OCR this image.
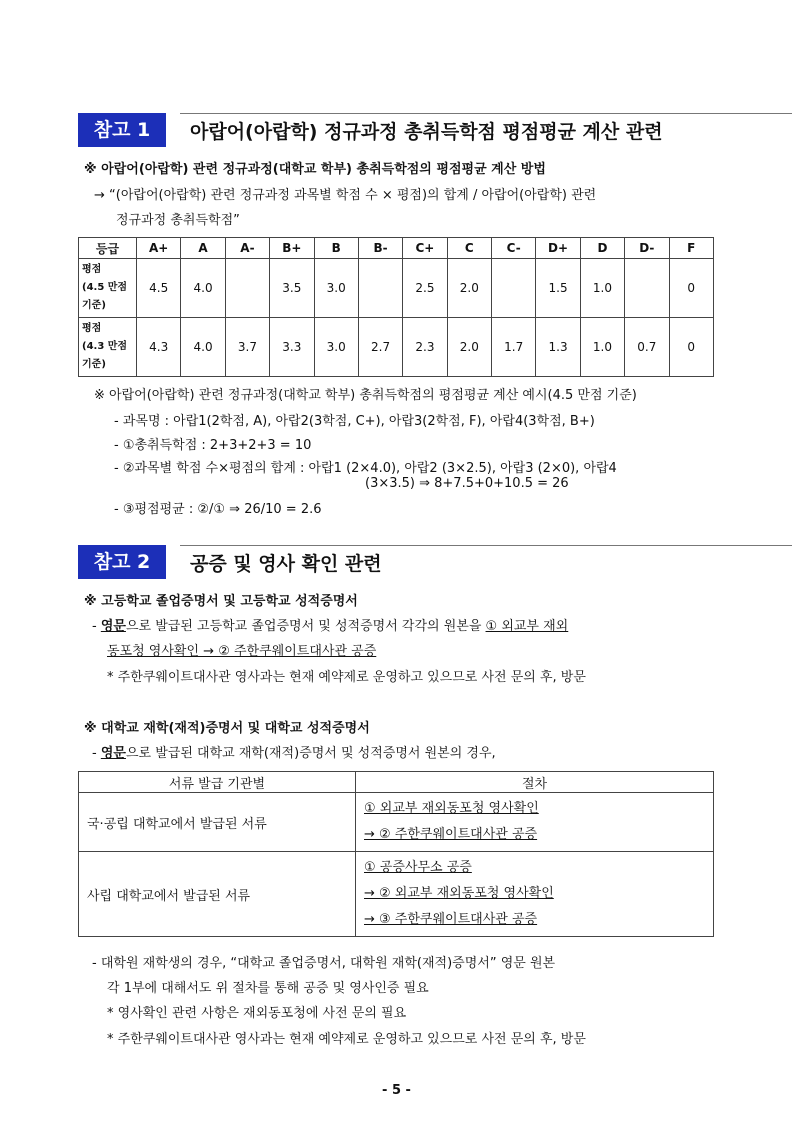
참고 1	아랍어(아랍학) 정규과정 총취득학점 평점평균 계산 관련
※ 아랍어(아랍학) 관련 정규과정(대학교 학부) 총취득학점의 평점평균 계산 방법
→ “(아랍어(아랍학) 관련 정규과정 과목별 학점 수 × 평점)의 합계 / 아랍어(아랍학) 관련
정규과정 총취득학점”
등급	A+	A	A-	B+	B	B-	C+	C	C-	D+	D	D-	F

평점
(4.5 만점
기준)	4.5	4.0		3.5	3.0		2.5	2.0		1.5	1.0		0

평점
(4.3 만점
기준)	4.3	4.0	3.7	3.3	3.0	2.7	2.3	2.0	1.7	1.3	1.0	0.7	0
※ 아랍어(아랍학) 관련 정규과정(대학교 학부) 총취득학점의 평점평균 계산 예시(4.5 만점 기준)
- 과목명 : 아랍1(2학점, A), 아랍2(3학점, C+), 아랍3(2학점, F), 아랍4(3학점, B+)
- ①총취득학점 : 2+3+2+3 = 10
- ②과목별 학점 수×평점의 합계 : 아랍1 (2×4.0), 아랍2 (3×2.5), 아랍3 (2×0), 아랍4
(3×3.5) ⇒ 8+7.5+0+10.5 = 26
- ③평점평균 : ②/① ⇒ 26/10 = 2.6
참고 2	공증 및 영사 확인 관련
※ 고등학교 졸업증명서 및 고등학교 성적증명서
- 영문으로 발급된 고등학교 졸업증명서 및 성적증명서 각각의 원본을 ① 외교부 재외
동포청 영사확인 → ② 주한쿠웨이트대사관 공증
* 주한쿠웨이트대사관 영사과는 현재 예약제로 운영하고 있으므로 사전 문의 후, 방문
※ 대학교 재학(재적)증명서 및 대학교 성적증명서
- 영문으로 발급된 대학교 재학(재적)증명서 및 성적증명서 원본의 경우,
서류 발급 기관별	절차
국·공립 대학교에서 발급된 서류	① 외교부 재외동포청 영사확인
→ ② 주한쿠웨이트대사관 공증

사립 대학교에서 발급된 서류	① 공증사무소 공증
→ ② 외교부 재외동포청 영사확인
→ ③ 주한쿠웨이트대사관 공증
- 대학원 재학생의 경우, “대학교 졸업증명서, 대학원 재학(재적)증명서” 영문 원본
각 1부에 대해서도 위 절차를 통해 공증 및 영사인증 필요
* 영사확인 관련 사항은 재외동포청에 사전 문의 필요
* 주한쿠웨이트대사관 영사과는 현재 예약제로 운영하고 있으므로 사전 문의 후, 방문
- 5 -
